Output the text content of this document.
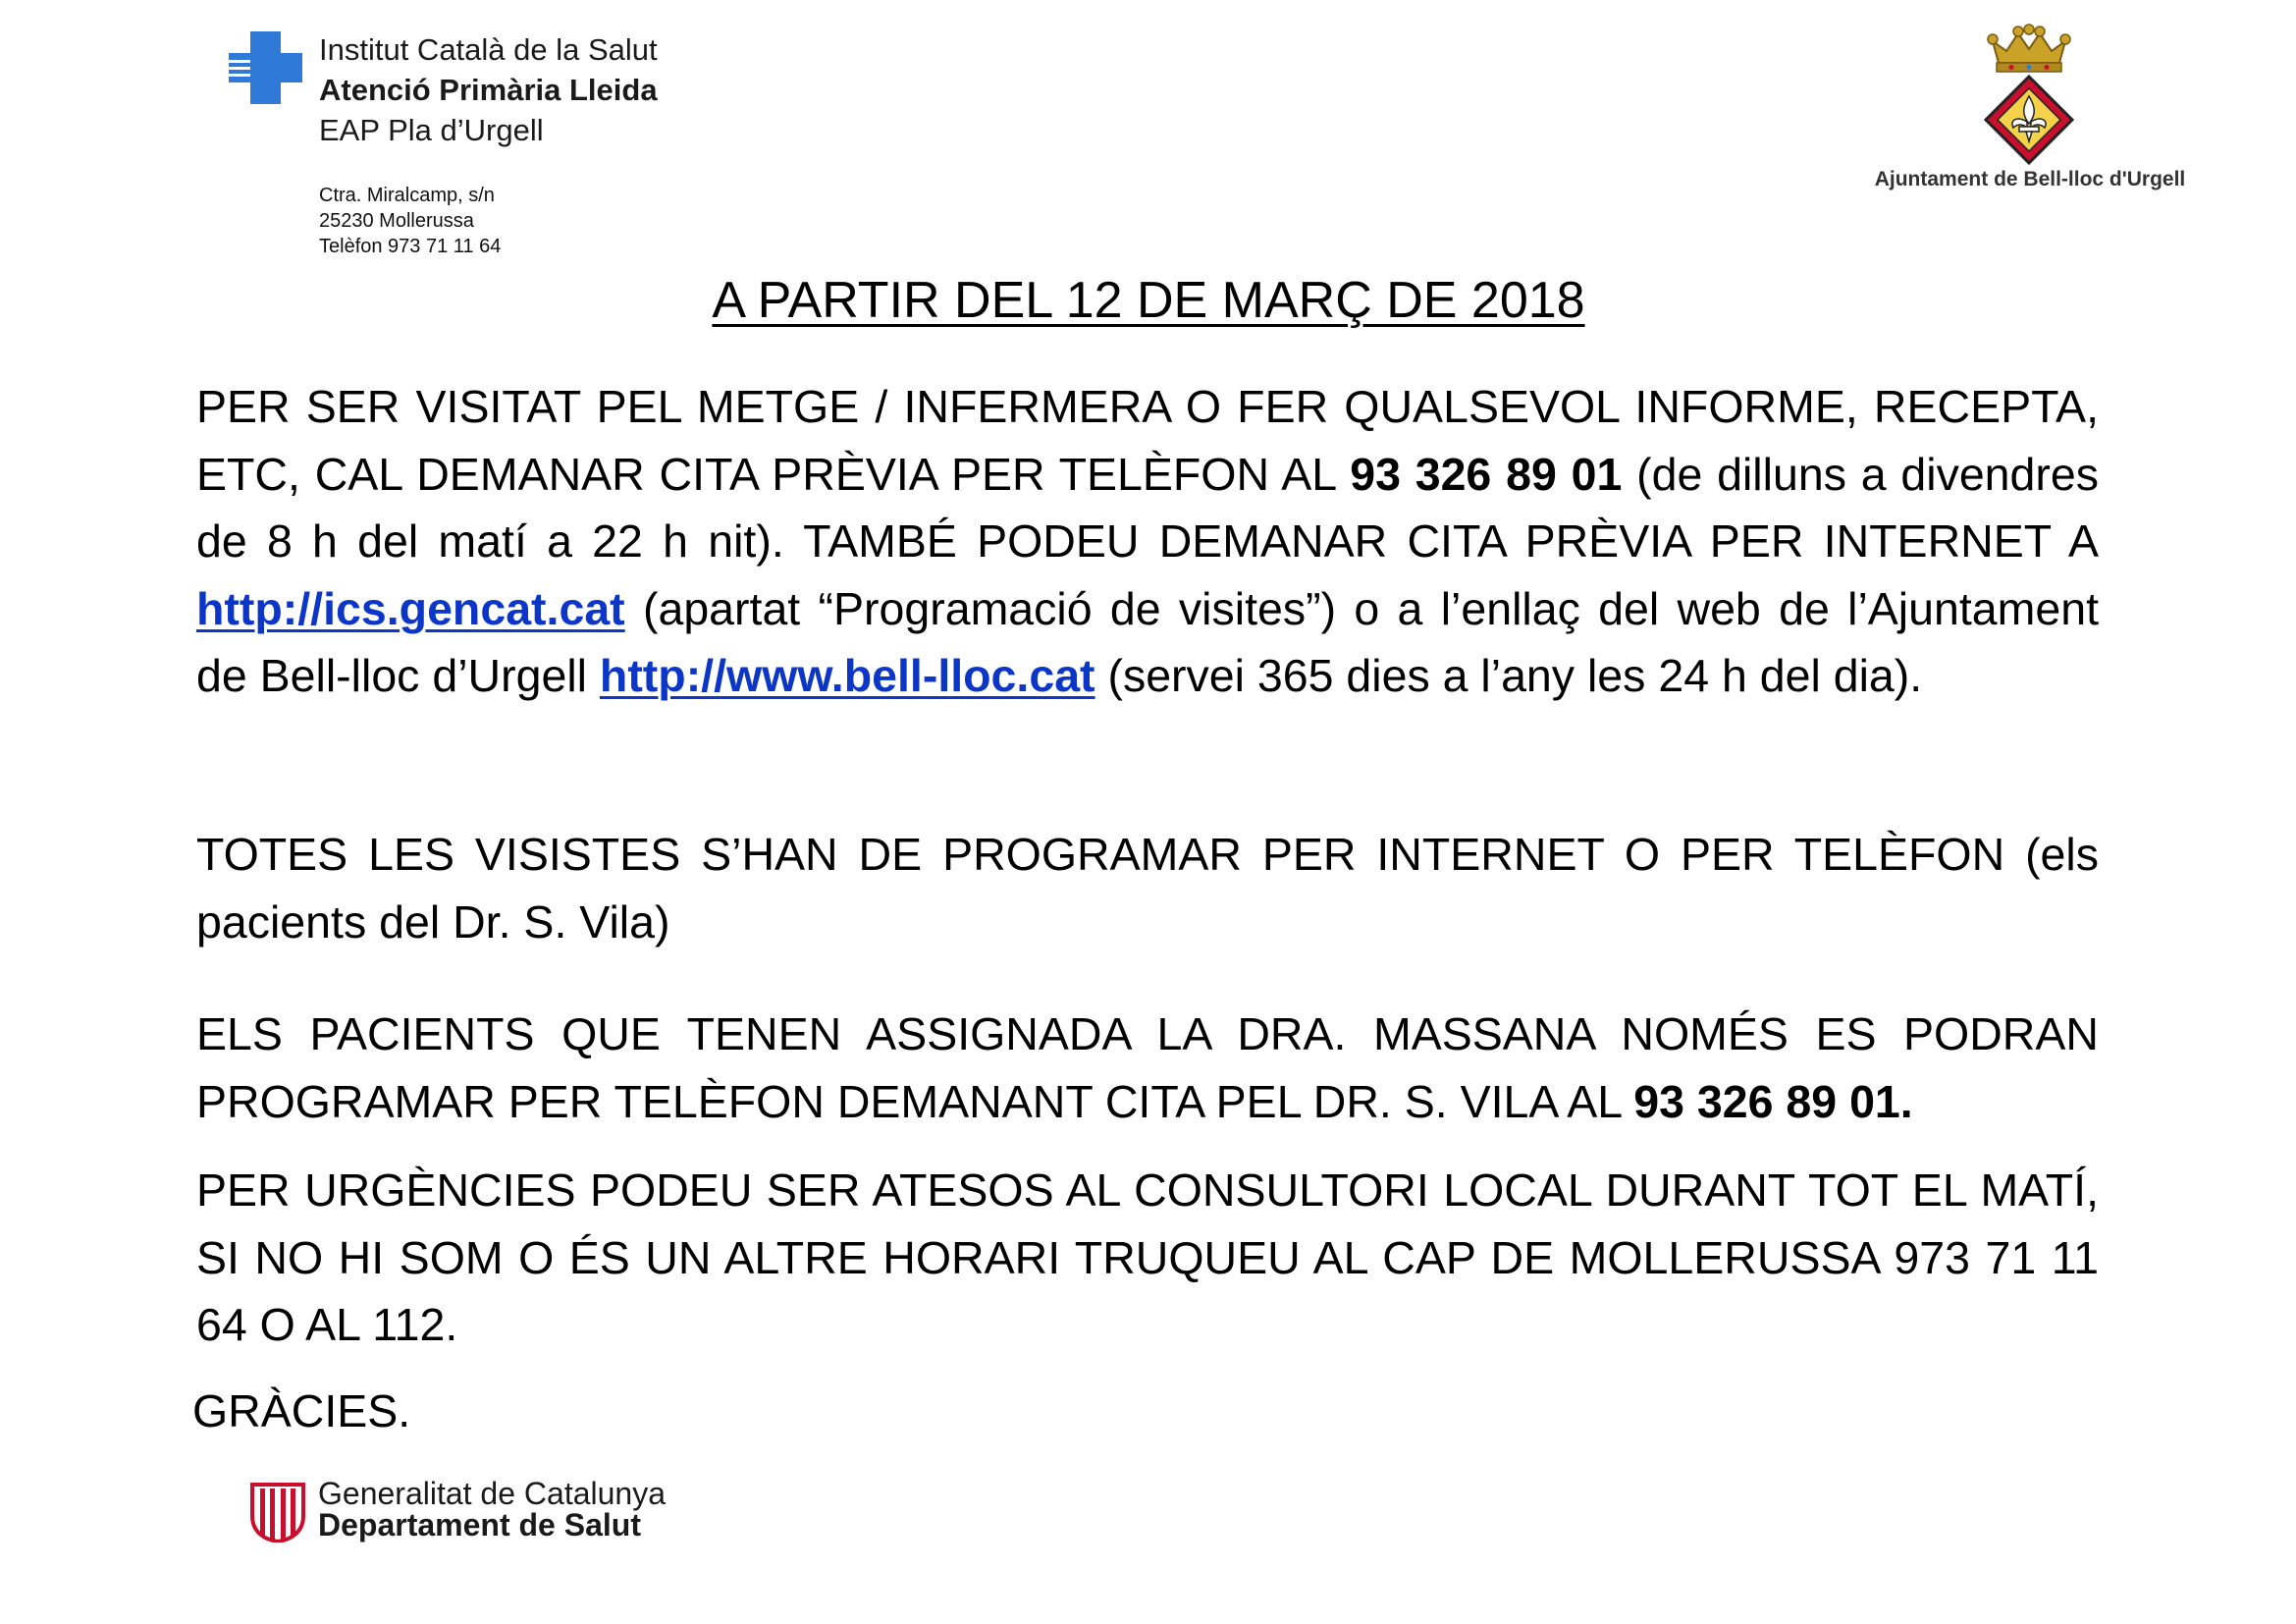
Institut Català de la Salut
Atenció Primària Lleida
EAP Pla d’Urgell
Ctra. Miralcamp, s/n
25230 Mollerussa
Telèfon 973 71 11 64
Ajuntament de Bell-lloc d'Urgell
A PARTIR DEL 12 DE MARÇ DE 2018

PER SER VISITAT PEL METGE / INFERMERA O FER QUALSEVOL INFORME, RECEPTA, ETC, CAL DEMANAR CITA PRÈVIA PER TELÈFON AL 93 326 89 01 (de dilluns a divendres de 8 h del matí a 22 h nit). TAMBÉ PODEU DEMANAR CITA PRÈVIA PER INTERNET A http://ics.gencat.cat (apartat “Programació de visites”) o a l’enllaç del web de l’Ajuntament de Bell-lloc d’Urgell http://www.bell-lloc.cat (servei 365 dies a l’any les 24 h del dia).

TOTES LES VISISTES S’HAN DE PROGRAMAR PER INTERNET O PER TELÈFON (els pacients del Dr. S. Vila)

ELS PACIENTS QUE TENEN ASSIGNADA LA DRA. MASSANA NOMÉS ES PODRAN PROGRAMAR PER TELÈFON DEMANANT CITA PEL DR. S. VILA AL 93 326 89 01.

PER URGÈNCIES PODEU SER ATESOS AL CONSULTORI LOCAL DURANT TOT EL MATÍ, SI NO HI SOM O ÉS UN ALTRE HORARI TRUQUEU AL CAP DE MOLLERUSSA 973 71 11 64 O AL 112.

GRÀCIES.
Generalitat de Catalunya
Departament de Salut
